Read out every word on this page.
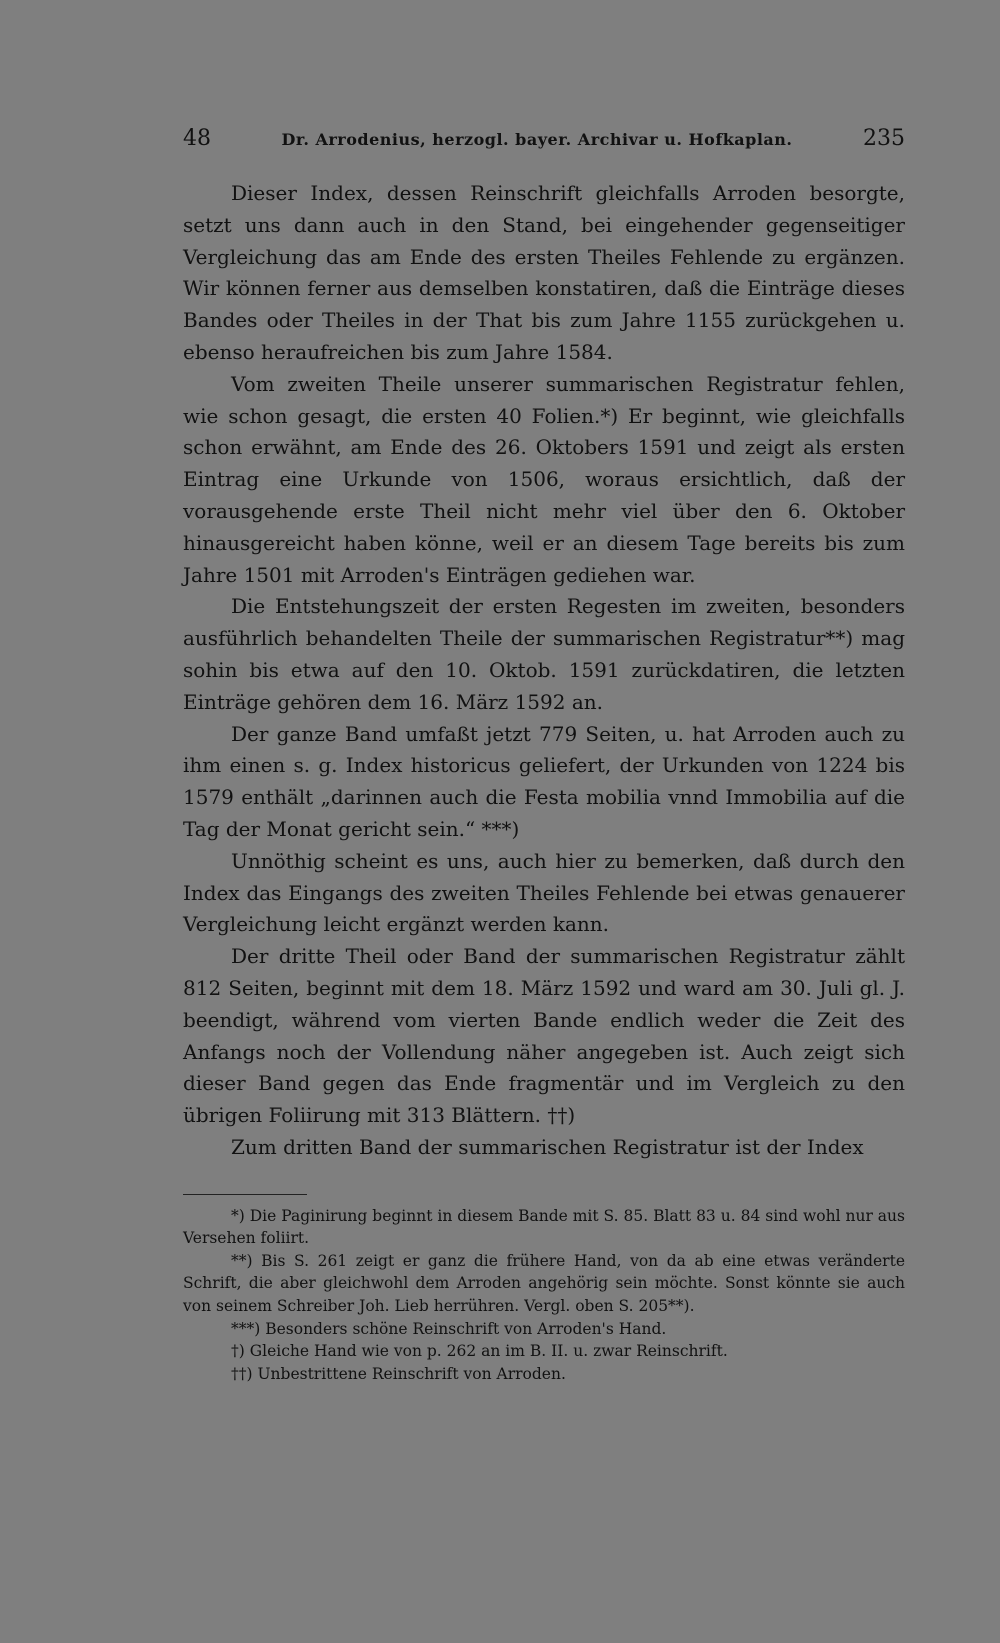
48	Dr. Arrodenius, herzogl. bayer. Archivar u. Hofkaplan.	235

Dieser Index, dessen Reinschrift gleichfalls Arroden besorgte, setzt uns dann auch in den Stand, bei eingehender gegenseitiger Vergleichung das am Ende des ersten Theiles Fehlende zu ergänzen. Wir können ferner aus demselben konstatiren, daß die Einträge dieses Bandes oder Theiles in der That bis zum Jahre 1155 zurückgehen u. ebenso heraufreichen bis zum Jahre 1584.

Vom zweiten Theile unserer summarischen Registratur fehlen, wie schon gesagt, die ersten 40 Folien.*) Er beginnt, wie gleichfalls schon erwähnt, am Ende des 26. Oktobers 1591 und zeigt als ersten Eintrag eine Urkunde von 1506, woraus ersichtlich, daß der vorausgehende erste Theil nicht mehr viel über den 6. Oktober hinausgereicht haben könne, weil er an diesem Tage bereits bis zum Jahre 1501 mit Arroden's Einträgen gediehen war.

Die Entstehungszeit der ersten Regesten im zweiten, besonders ausführlich behandelten Theile der summarischen Registratur**) mag sohin bis etwa auf den 10. Oktob. 1591 zurückdatiren, die letzten Einträge gehören dem 16. März 1592 an.

Der ganze Band umfaßt jetzt 779 Seiten, u. hat Arroden auch zu ihm einen s. g. Index historicus geliefert, der Urkunden von 1224 bis 1579 enthält „darinnen auch die Festa mobilia vnnd Immobilia auf die Tag der Monat gericht sein.“ ***)

Unnöthig scheint es uns, auch hier zu bemerken, daß durch den Index das Eingangs des zweiten Theiles Fehlende bei etwas genauerer Vergleichung leicht ergänzt werden kann.

Der dritte Theil oder Band der summarischen Registratur zählt 812 Seiten, beginnt mit dem 18. März 1592 und ward am 30. Juli gl. J. beendigt, während vom vierten Bande endlich weder die Zeit des Anfangs noch der Vollendung näher angegeben ist. Auch zeigt sich dieser Band gegen das Ende fragmentär und im Vergleich zu den übrigen Foliirung mit 313 Blättern. ††)

Zum dritten Band der summarischen Registratur ist der Index

*) Die Paginirung beginnt in diesem Bande mit S. 85. Blatt 83 u. 84 sind wohl nur aus Versehen foliirt.

**) Bis S. 261 zeigt er ganz die frühere Hand, von da ab eine etwas veränderte Schrift, die aber gleichwohl dem Arroden angehörig sein möchte. Sonst könnte sie auch von seinem Schreiber Joh. Lieb herrühren. Vergl. oben S. 205**).

***) Besonders schöne Reinschrift von Arroden's Hand.

†) Gleiche Hand wie von p. 262 an im B. II. u. zwar Reinschrift.

††) Unbestrittene Reinschrift von Arroden.
